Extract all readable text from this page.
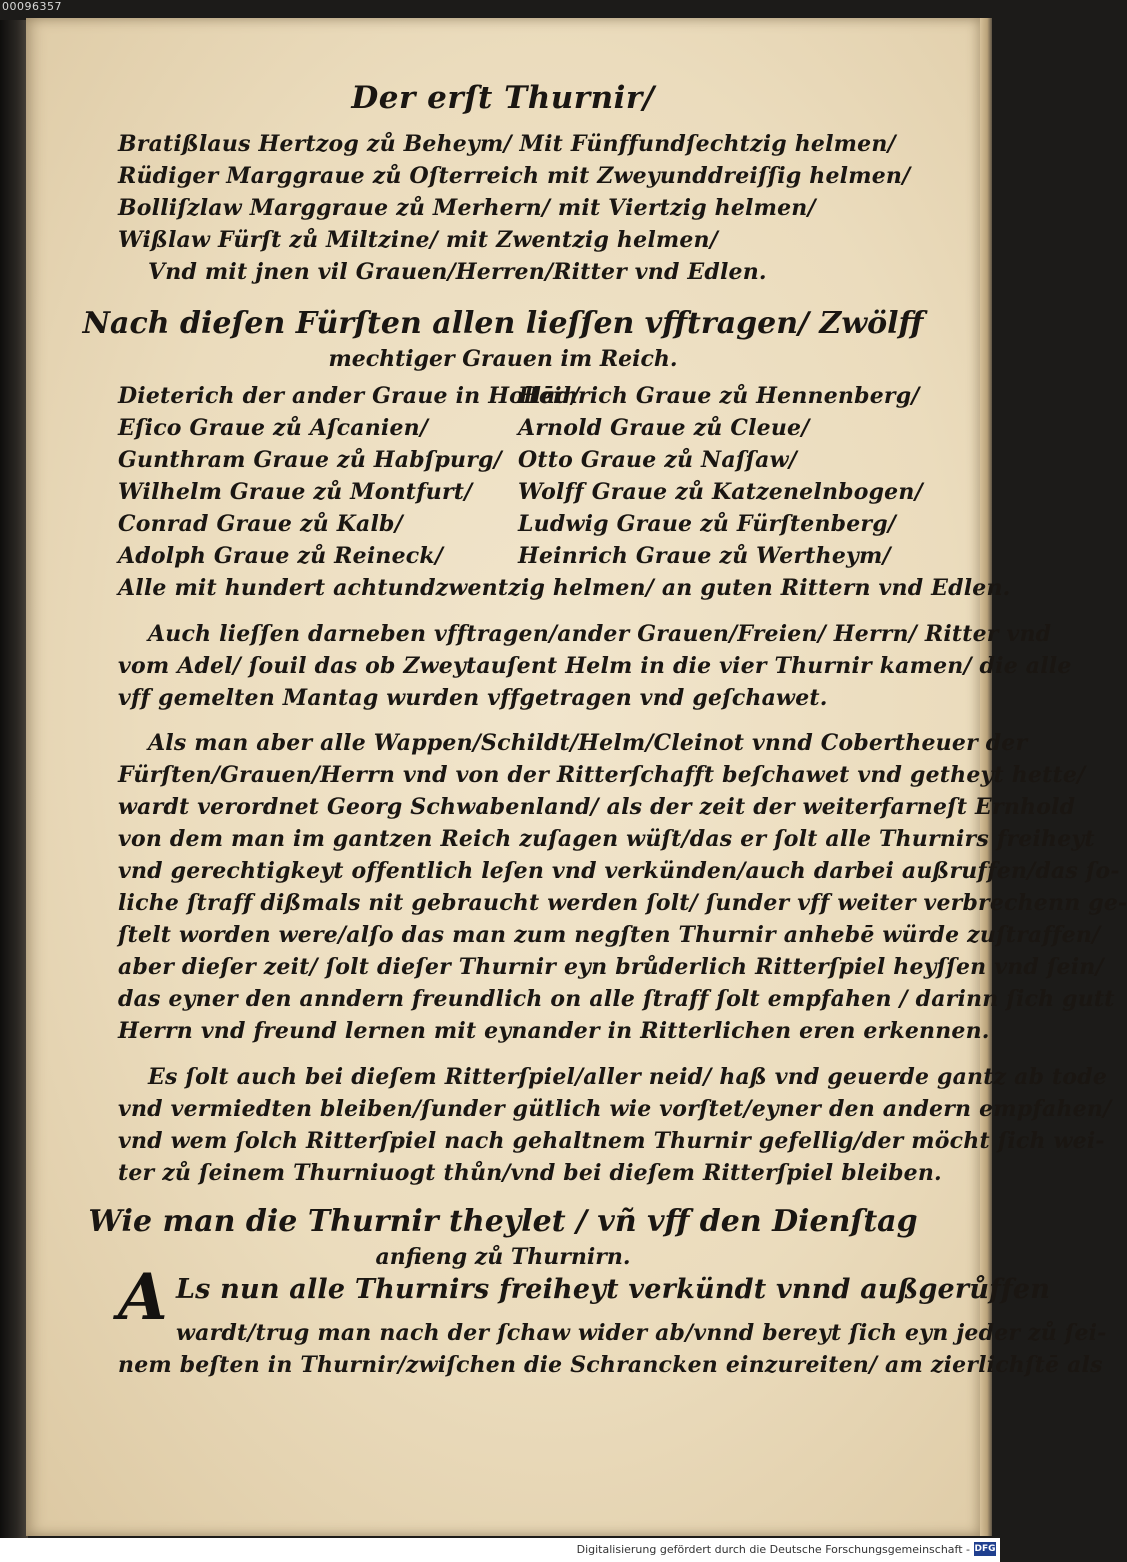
00096357
Der erſt Thurnir/
Bratißlaus Hertzog zů Beheym/ Mit Fünffundſechtzig helmen/
Rüdiger Marggraue zů Oſterreich mit Zweyunddreiſſig helmen/
Bolliſzlaw Marggraue zů Merhern/ mit Viertzig helmen/
Wißlaw Fürſt zů Miltzine/ mit Zwentzig helmen/
Vnd mit jnen vil Grauen/Herren/Ritter vnd Edlen.
Nach dieſen Fürſten allen lieſſen vfftragen/ Zwölff
mechtiger Grauen im Reich.
Dieterich der ander Graue in Hollād/
Eſico Graue zů Aſcanien/
Gunthram Graue zů Habſpurg/
Wilhelm Graue zů Montfurt/
Conrad Graue zů Kalb/
Adolph Graue zů Reineck/
Heinrich Graue zů Hennenberg/
Arnold Graue zů Cleue/
Otto Graue zů Naſſaw/
Wolff Graue zů Katzenelnbogen/
Ludwig Graue zů Fürſtenberg/
Heinrich Graue zů Wertheym/
Alle mit hundert achtundzwentzig helmen/ an guten Rittern vnd Edlen.
Auch lieſſen darneben vfftragen/ander Grauen/Freien/ Herrn/ Ritter vnd
vom Adel/ ſouil das ob Zweytauſent Helm in die vier Thurnir kamen/ die alle
vff gemelten Mantag wurden vffgetragen vnd geſchawet.
Als man aber alle Wappen/Schildt/Helm/Cleinot vnnd Cobertheuer der
Fürſten/Grauen/Herrn vnd von der Ritterſchafft beſchawet vnd getheyt hette/
wardt verordnet Georg Schwabenland/ als der zeit der weiterfarneſt Ernhold
von dem man im gantzen Reich zuſagen wüſt/das er ſolt alle Thurnirs freiheyt
vnd gerechtigkeyt offentlich leſen vnd verkünden/auch darbei außruffen/das ſo-
liche ſtraff dißmals nit gebraucht werden ſolt/ ſunder vff weiter verbrechenn ge-
ſtelt worden were/alſo das man zum negſten Thurnir anhebē würde zuſtraffen/
aber dieſer zeit/ ſolt dieſer Thurnir eyn brůderlich Ritterſpiel heyſſen vnd ſein/
das eyner den anndern freundlich on alle ſtraff ſolt empfahen / darinn ſich gutt
Herrn vnd freund lernen mit eynander in Ritterlichen eren erkennen.
Es ſolt auch bei dieſem Ritterſpiel/aller neid/ haß vnd geuerde gantz ab tode
vnd vermiedten bleiben/ſunder gütlich wie vorſtet/eyner den andern empfahen/
vnd wem ſolch Ritterſpiel nach gehaltnem Thurnir gefellig/der möcht ſich wei-
ter zů ſeinem Thurniuogt thůn/vnd bei dieſem Ritterſpiel bleiben.
Wie man die Thurnir theylet / vñ vff den Dienſtag
anfieng zů Thurnirn.
A Ls nun alle Thurnirs freiheyt verkündt vnnd außgerůffen
wardt/trug man nach der ſchaw wider ab/vnnd bereyt ſich eyn jeder zů ſei-
nem beſten in Thurnir/zwiſchen die Schrancken einzureiten/ am zierlichſtē als
Digitalisierung gefördert durch die Deutsche Forschungsgemeinschaft - DFG
